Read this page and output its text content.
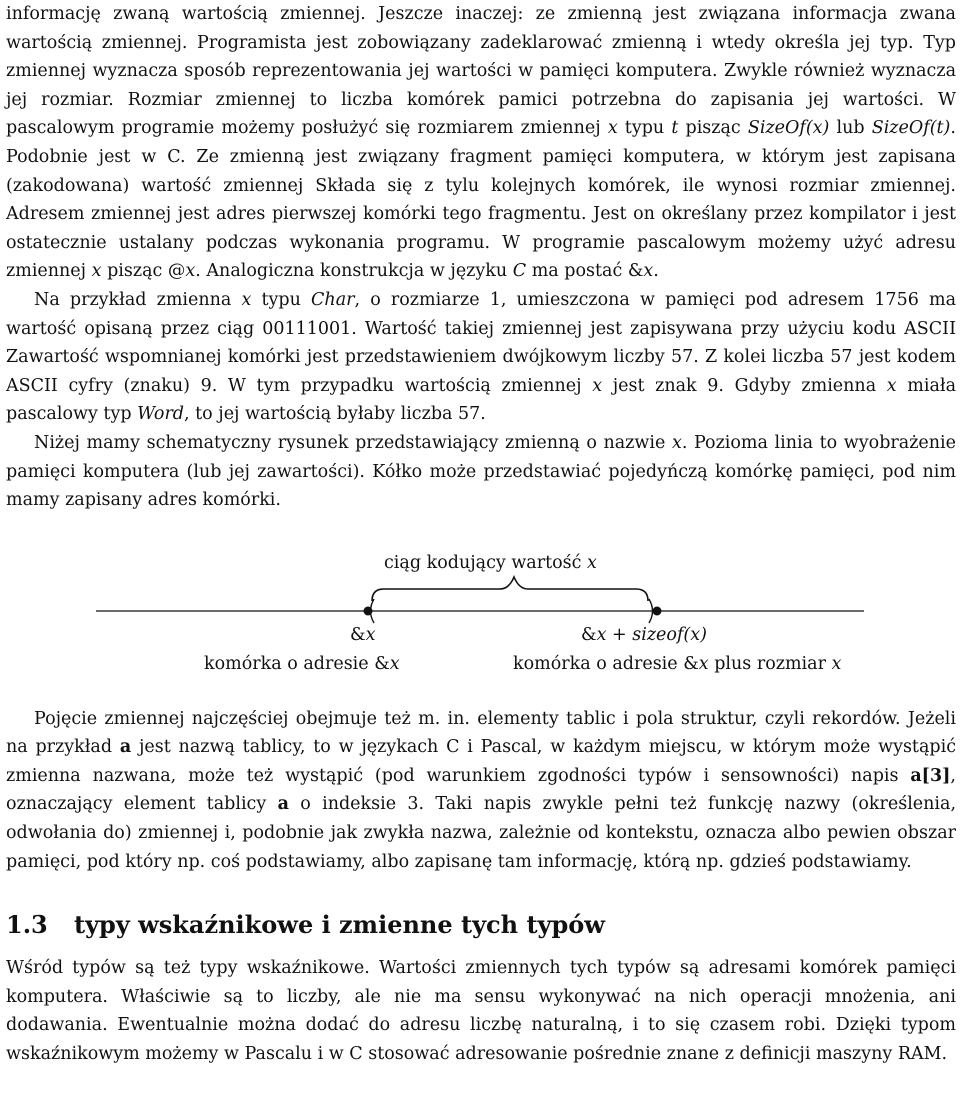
informację zwaną wartością zmiennej. Jeszcze inaczej: ze zmienną jest związana informacja zwana wartością zmiennej. Programista jest zobowiązany zadeklarować zmienną i wtedy określa jej typ. Typ zmiennej wyznacza sposób reprezentowania jej wartości w pamięci komputera. Zwykle również wyznacza jej rozmiar. Rozmiar zmiennej to liczba komórek pamici potrzebna do zapisania jej wartości. W pascalowym programie możemy posłużyć się rozmiarem zmiennej x typu t pisząc SizeOf(x) lub SizeOf(t). Podobnie jest w C. Ze zmienną jest związany fragment pamięci komputera, w którym jest zapisana (zakodowana) wartość zmiennej Składa się z tylu kolejnych komórek, ile wynosi rozmiar zmiennej. Adresem zmiennej jest adres pierwszej komórki tego fragmentu. Jest on określany przez kompilator i jest ostatecznie ustalany podczas wykonania programu. W programie pascalowym możemy użyć adresu zmiennej x pisząc @x. Analogiczna konstrukcja w języku C ma postać &x.

Na przykład zmienna x typu Char, o rozmiarze 1, umieszczona w pamięci pod adresem 1756 ma wartość opisaną przez ciąg 00111001. Wartość takiej zmiennej jest zapisywana przy użyciu kodu ASCII Zawartość wspomnianej komórki jest przedstawieniem dwójkowym liczby 57. Z kolei liczba 57 jest kodem ASCII cyfry (znaku) 9. W tym przypadku wartością zmiennej x jest znak 9. Gdyby zmienna x miała pascalowy typ Word, to jej wartością byłaby liczba 57.

Niżej mamy schematyczny rysunek przedstawiający zmienną o nazwie x. Pozioma linia to wyobrażenie pamięci komputera (lub jej zawartości). Kółko może przedstawiać pojedyńczą komórkę pamięci, pod nim mamy zapisany adres komórki.

ciąg kodujący wartość x
&x	&x + sizeof(x)
komórka o adresie &x	komórka o adresie &x plus rozmiar x

Pojęcie zmiennej najczęściej obejmuje też m. in. elementy tablic i pola struktur, czyli rekordów. Jeżeli na przykład a jest nazwą tablicy, to w językach C i Pascal, w każdym miejscu, w którym może wystąpić zmienna nazwana, może też wystąpić (pod warunkiem zgodności typów i sensowności) napis a[3], oznaczający element tablicy a o indeksie 3. Taki napis zwykle pełni też funkcję nazwy (określenia, odwołania do) zmiennej i, podobnie jak zwykła nazwa, zależnie od kontekstu, oznacza albo pewien obszar pamięci, pod który np. coś podstawiamy, albo zapisanę tam informację, którą np. gdzieś podstawiamy.

1.3 typy wskaźnikowe i zmienne tych typów

Wśród typów są też typy wskaźnikowe. Wartości zmiennych tych typów są adresami komórek pamięci komputera. Właściwie są to liczby, ale nie ma sensu wykonywać na nich operacji mnożenia, ani dodawania. Ewentualnie można dodać do adresu liczbę naturalną, i to się czasem robi. Dzięki typom wskaźnikowym możemy w Pascalu i w C stosować adresowanie pośrednie znane z definicji maszyny RAM.
